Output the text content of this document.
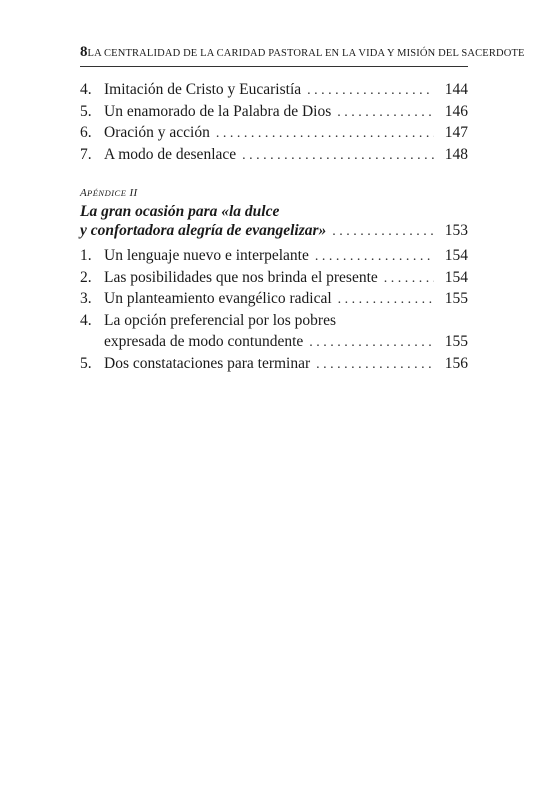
8 LA CENTRALIDAD DE LA CARIDAD PASTORAL EN LA VIDA Y MISIÓN DEL SACERDOTE
4. Imitación de Cristo y Eucaristía . . .	144
5. Un enamorado de la Palabra de Dios . . .	146
6. Oración y acción . . .	147
7. A modo de desenlace . . .	148
APÉNDICE II
La gran ocasión para «la dulce
y confortadora alegría de evangelizar» . . .	153
1. Un lenguaje nuevo e interpelante . . .	154
2. Las posibilidades que nos brinda el presente . . .	154
3. Un planteamiento evangélico radical . . .	155
4. La opción preferencial por los pobres
expresada de modo contundente . . .	155
5. Dos constataciones para terminar . . .	156
